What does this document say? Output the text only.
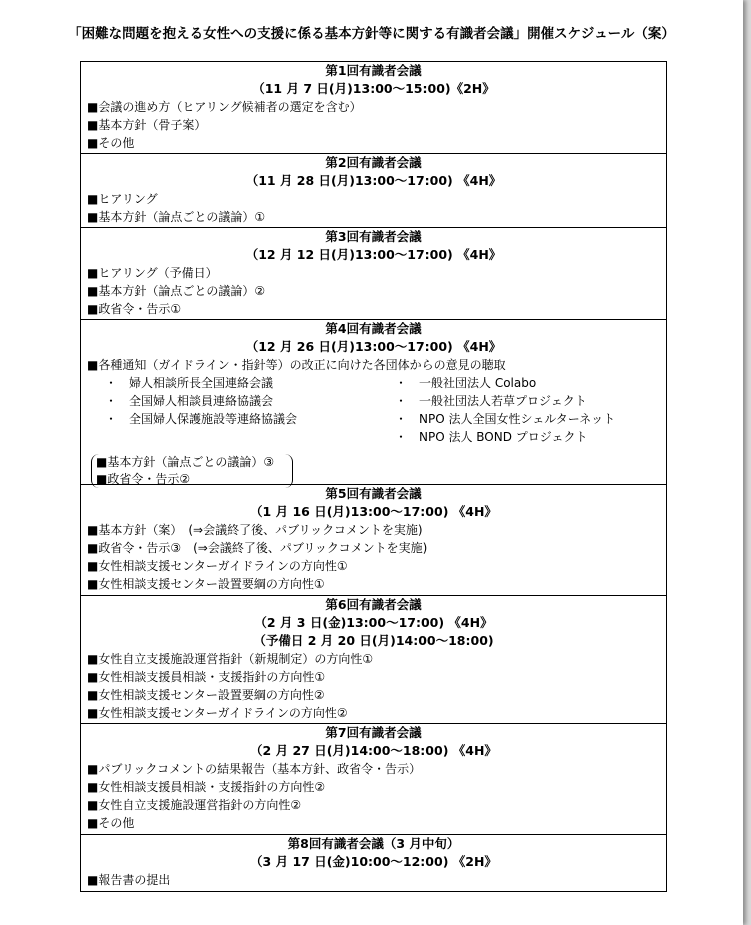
「困難な問題を抱える女性への支援に係る基本方針等に関する有識者会議」開催スケジュール（案）
第1回有識者会議
（11 月 7 日(月)13:00～15:00)《2H》
■会議の進め方（ヒアリング候補者の選定を含む）
■基本方針（骨子案）
■その他
第2回有識者会議
（11 月 28 日(月)13:00～17:00) 《4H》
■ヒアリング
■基本方針（論点ごとの議論）①
第3回有識者会議
（12 月 12 日(月)13:00～17:00) 《4H》
■ヒアリング（予備日）
■基本方針（論点ごとの議論）②
■政省令・告示①
第4回有識者会議
（12 月 26 日(月)13:00～17:00) 《4H》
■各種通知（ガイドライン・指針等）の改正に向けた各団体からの意見の聴取
・　婦人相談所長全国連絡会議
・　全国婦人相談員連絡協議会
・　全国婦人保護施設等連絡協議会
・　一般社団法人 Colabo
・　一般社団法人若草プロジェクト
・　NPO 法人全国女性シェルターネット
・　NPO 法人 BOND プロジェクト
■基本方針（論点ごとの議論）③
■政省令・告示②
第5回有識者会議
（1 月 16 日(月)13:00～17:00) 《4H》
■基本方針（案）　(⇒会議終了後、パブリックコメントを実施)
■政省令・告示③　(⇒会議終了後、パブリックコメントを実施)
■女性相談支援センターガイドラインの方向性①
■女性相談支援センター設置要綱の方向性①
第6回有識者会議
（2 月 3 日(金)13:00～17:00) 《4H》
（予備日 2 月 20 日(月)14:00～18:00)
■女性自立支援施設運営指針（新規制定）の方向性①
■女性相談支援員相談・支援指針の方向性①
■女性相談支援センター設置要綱の方向性②
■女性相談支援センターガイドラインの方向性②
第7回有識者会議
（2 月 27 日(月)14:00～18:00) 《4H》
■パブリックコメントの結果報告（基本方針、政省令・告示）
■女性相談支援員相談・支援指針の方向性②
■女性自立支援施設運営指針の方向性②
■その他
第8回有識者会議（3 月中旬）
（3 月 17 日(金)10:00～12:00) 《2H》
■報告書の提出
